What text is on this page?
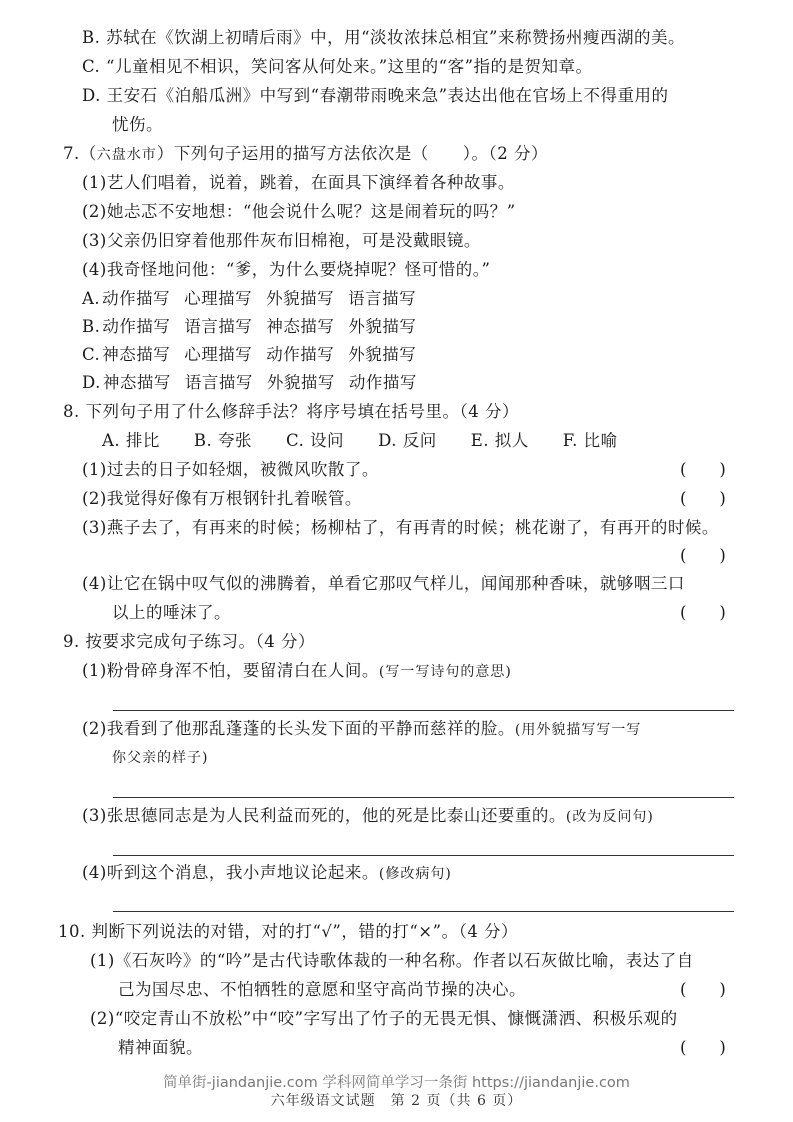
B. 苏轼在《饮湖上初晴后雨》中，用“淡妆浓抹总相宜”来称赞扬州瘦西湖的美。
C. “儿童相见不相识，笑问客从何处来。”这里的“客”指的是贺知章。
D. 王安石《泊船瓜洲》中写到“春潮带雨晚来急”表达出他在官场上不得重用的
忧伤。
7.（六盘水市）下列句子运用的描写方法依次是（　　）。（2 分）
(1)艺人们唱着，说着，跳着，在面具下演绎着各种故事。
(2)她忐忑不安地想：“他会说什么呢？这是闹着玩的吗？”
(3)父亲仍旧穿着他那件灰布旧棉袍，可是没戴眼镜。
(4)我奇怪地问他：“爹，为什么要烧掉呢？怪可惜的。”
A. 动作描写 心理描写 外貌描写 语言描写
B. 动作描写 语言描写 神态描写 外貌描写
C. 神态描写 心理描写 动作描写 外貌描写
D. 神态描写 语言描写 外貌描写 动作描写
8. 下列句子用了什么修辞手法？将序号填在括号里。（4 分）
A. 排比 B. 夸张 C. 设问 D. 反问 E. 拟人 F. 比喻
(1)过去的日子如轻烟，被微风吹散了。	(　　)
(2)我觉得好像有万根钢针扎着喉管。	(　　)
(3)燕子去了，有再来的时候；杨柳枯了，有再青的时候；桃花谢了，有再开的时候。
(　　)
(4)让它在锅中叹气似的沸腾着，单看它那叹气样儿，闻闻那种香味，就够咽三口
以上的唾沫了。	(　　)
9. 按要求完成句子练习。（4 分）
(1)粉骨碎身浑不怕，要留清白在人间。(写一写诗句的意思)
(2)我看到了他那乱蓬蓬的长头发下面的平静而慈祥的脸。(用外貌描写写一写
你父亲的样子)
(3)张思德同志是为人民利益而死的，他的死是比泰山还要重的。(改为反问句)
(4)听到这个消息，我小声地议论起来。(修改病句)
10. 判断下列说法的对错，对的打“√”，错的打“×”。（4 分）
(1)《石灰吟》的“吟”是古代诗歌体裁的一种名称。作者以石灰做比喻，表达了自
己为国尽忠、不怕牺牲的意愿和坚守高尚节操的决心。	(　　)
(2)“咬定青山不放松”中“咬”字写出了竹子的无畏无惧、慷慨潇洒、积极乐观的
精神面貌。	(　　)
简单街-jiandanjie.com 学科网简单学习一条街 https://jiandanjie.com
六年级语文试题　第 2 页（共 6 页）
